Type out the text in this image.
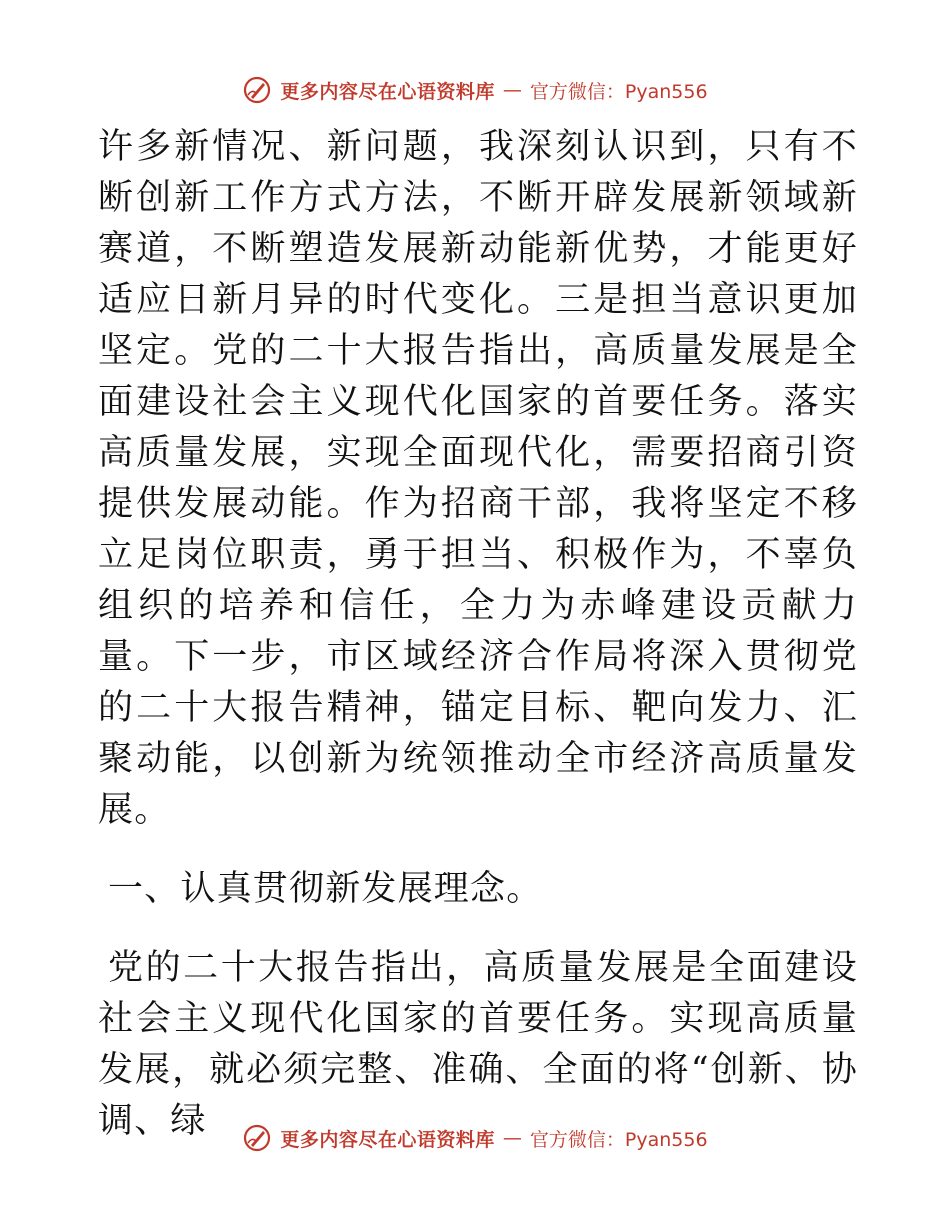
更多内容尽在心语资料库 — 官方微信：Pyan556

许多新情况、新问题，我深刻认识到，只有不断创新工作方式方法，不断开辟发展新领域新赛道，不断塑造发展新动能新优势，才能更好适应日新月异的时代变化。三是担当意识更加坚定。党的二十大报告指出，高质量发展是全面建设社会主义现代化国家的首要任务。落实高质量发展，实现全面现代化，需要招商引资提供发展动能。作为招商干部，我将坚定不移立足岗位职责，勇于担当、积极作为，不辜负组织的培养和信任，全力为赤峰建设贡献力量。下一步，市区域经济合作局将深入贯彻党的二十大报告精神，锚定目标、靶向发力、汇聚动能，以创新为统领推动全市经济高质量发展。

一、认真贯彻新发展理念。

党的二十大报告指出，高质量发展是全面建设社会主义现代化国家的首要任务。实现高质量发展，就必须完整、准确、全面的将“创新、协调、绿	更多内容尽在心语资料库 — 官方微信：Pyan556
